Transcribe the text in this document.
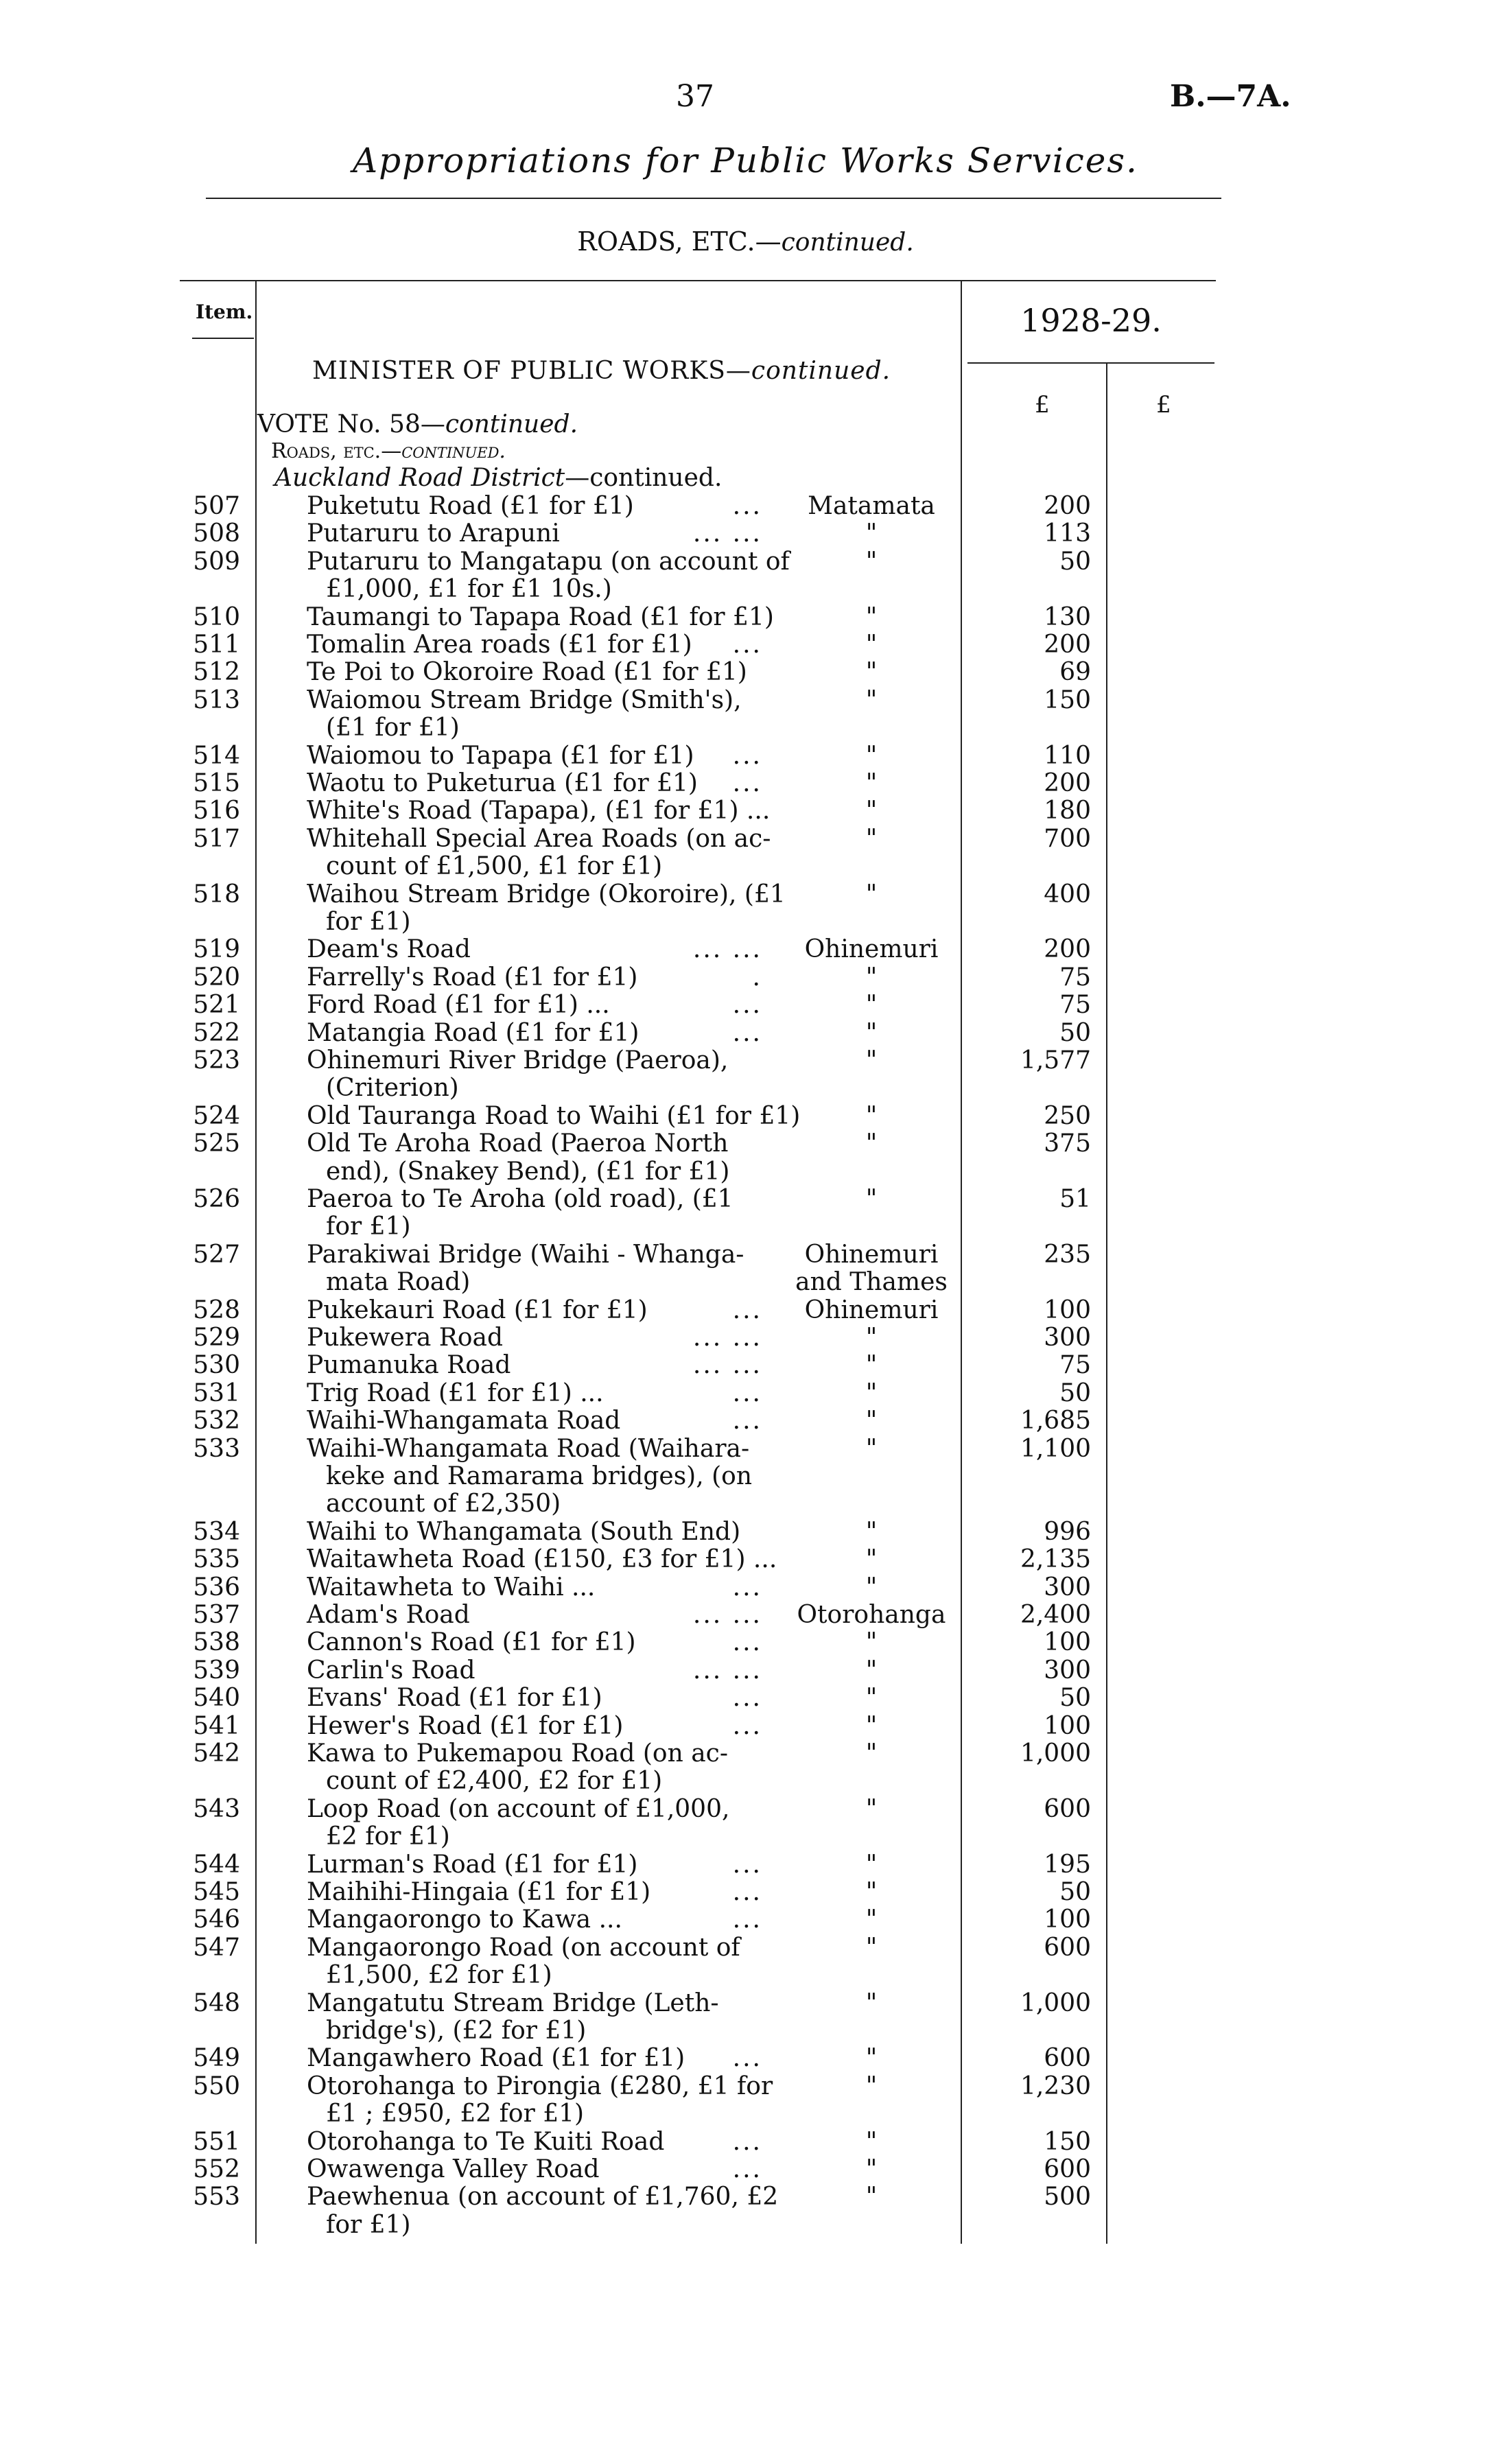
37	B.—7A.
Appropriations for Public Works Services.
ROADS, ETC.—continued.
Item.	1928-29.
£	£
MINISTER OF PUBLIC WORKS—continued.
VOTE No. 58—continued.
Roads, etc.—continued.
Auckland Road District—continued.
507	Puketutu Road (£1 for £1)	...	Matamata	200
508	Putaruru to Arapuni	... ...	"	113
509	Putaruru to Mangatapu (on account of	"	50
£1,000, £1 for £1 10s.)
510	Taumangi to Tapapa Road (£1 for £1)	"	130
511	Tomalin Area roads (£1 for £1) ...	"	200
512	Te Poi to Okoroire Road (£1 for £1)	"	69
513	Waiomou Stream Bridge (Smith's),	"	150
(£1 for £1)
514	Waiomou to Tapapa (£1 for £1) ...	"	110
515	Waotu to Puketurua (£1 for £1) ...	"	200
516	White's Road (Tapapa), (£1 for £1) ...	"	180
517	Whitehall Special Area Roads (on ac-	"	700
count of £1,500, £1 for £1)
518	Waihou Stream Bridge (Okoroire), (£1	"	400
for £1)
519	Deam's Road	... ...	Ohinemuri	200
520	Farrelly's Road (£1 for £1)	.	"	75
521	Ford Road (£1 for £1) ...	...	"	75
522	Matangia Road (£1 for £1)	...	"	50
523	Ohinemuri River Bridge (Paeroa),	"	1,577
(Criterion)
524	Old Tauranga Road to Waihi (£1 for £1)	"	250
525	Old Te Aroha Road (Paeroa North	"	375
end), (Snakey Bend), (£1 for £1)
526	Paeroa to Te Aroha (old road), (£1	"	51
for £1)
527	Parakiwai Bridge (Waihi - Whanga-	Ohinemuri	235
mata Road)	and Thames
528	Pukekauri Road (£1 for £1)	...	Ohinemuri	100
529	Pukewera Road	... ...	"	300
530	Pumanuka Road	... ...	"	75
531	Trig Road (£1 for £1) ...	...	"	50
532	Waihi-Whangamata Road	...	"	1,685
533	Waihi-Whangamata Road (Waihara-	"	1,100
keke and Ramarama bridges), (on
account of £2,350)
534	Waihi to Whangamata (South End)	"	996
535	Waitawheta Road (£150, £3 for £1) ...	"	2,135
536	Waitawheta to Waihi ...	...	"	300
537	Adam's Road	... ...	Otorohanga	2,400
538	Cannon's Road (£1 for £1)	...	"	100
539	Carlin's Road	... ...	"	300
540	Evans' Road (£1 for £1)	...	"	50
541	Hewer's Road (£1 for £1)	...	"	100
542	Kawa to Pukemapou Road (on ac-	"	1,000
count of £2,400, £2 for £1)
543	Loop Road (on account of £1,000,	"	600
£2 for £1)
544	Lurman's Road (£1 for £1)	...	"	195
545	Maihihi-Hingaia (£1 for £1)	...	"	50
546	Mangaorongo to Kawa ...	...	"	100
547	Mangaorongo Road (on account of	"	600
£1,500, £2 for £1)
548	Mangatutu Stream Bridge (Leth-	"	1,000
bridge's), (£2 for £1)
549	Mangawhero Road (£1 for £1) ...	"	600
550	Otorohanga to Pirongia (£280, £1 for	"	1,230
£1 ; £950, £2 for £1)
551	Otorohanga to Te Kuiti Road	...	"	150
552	Owawenga Valley Road	...	"	600
553	Paewhenua (on account of £1,760, £2	"	500
for £1)
